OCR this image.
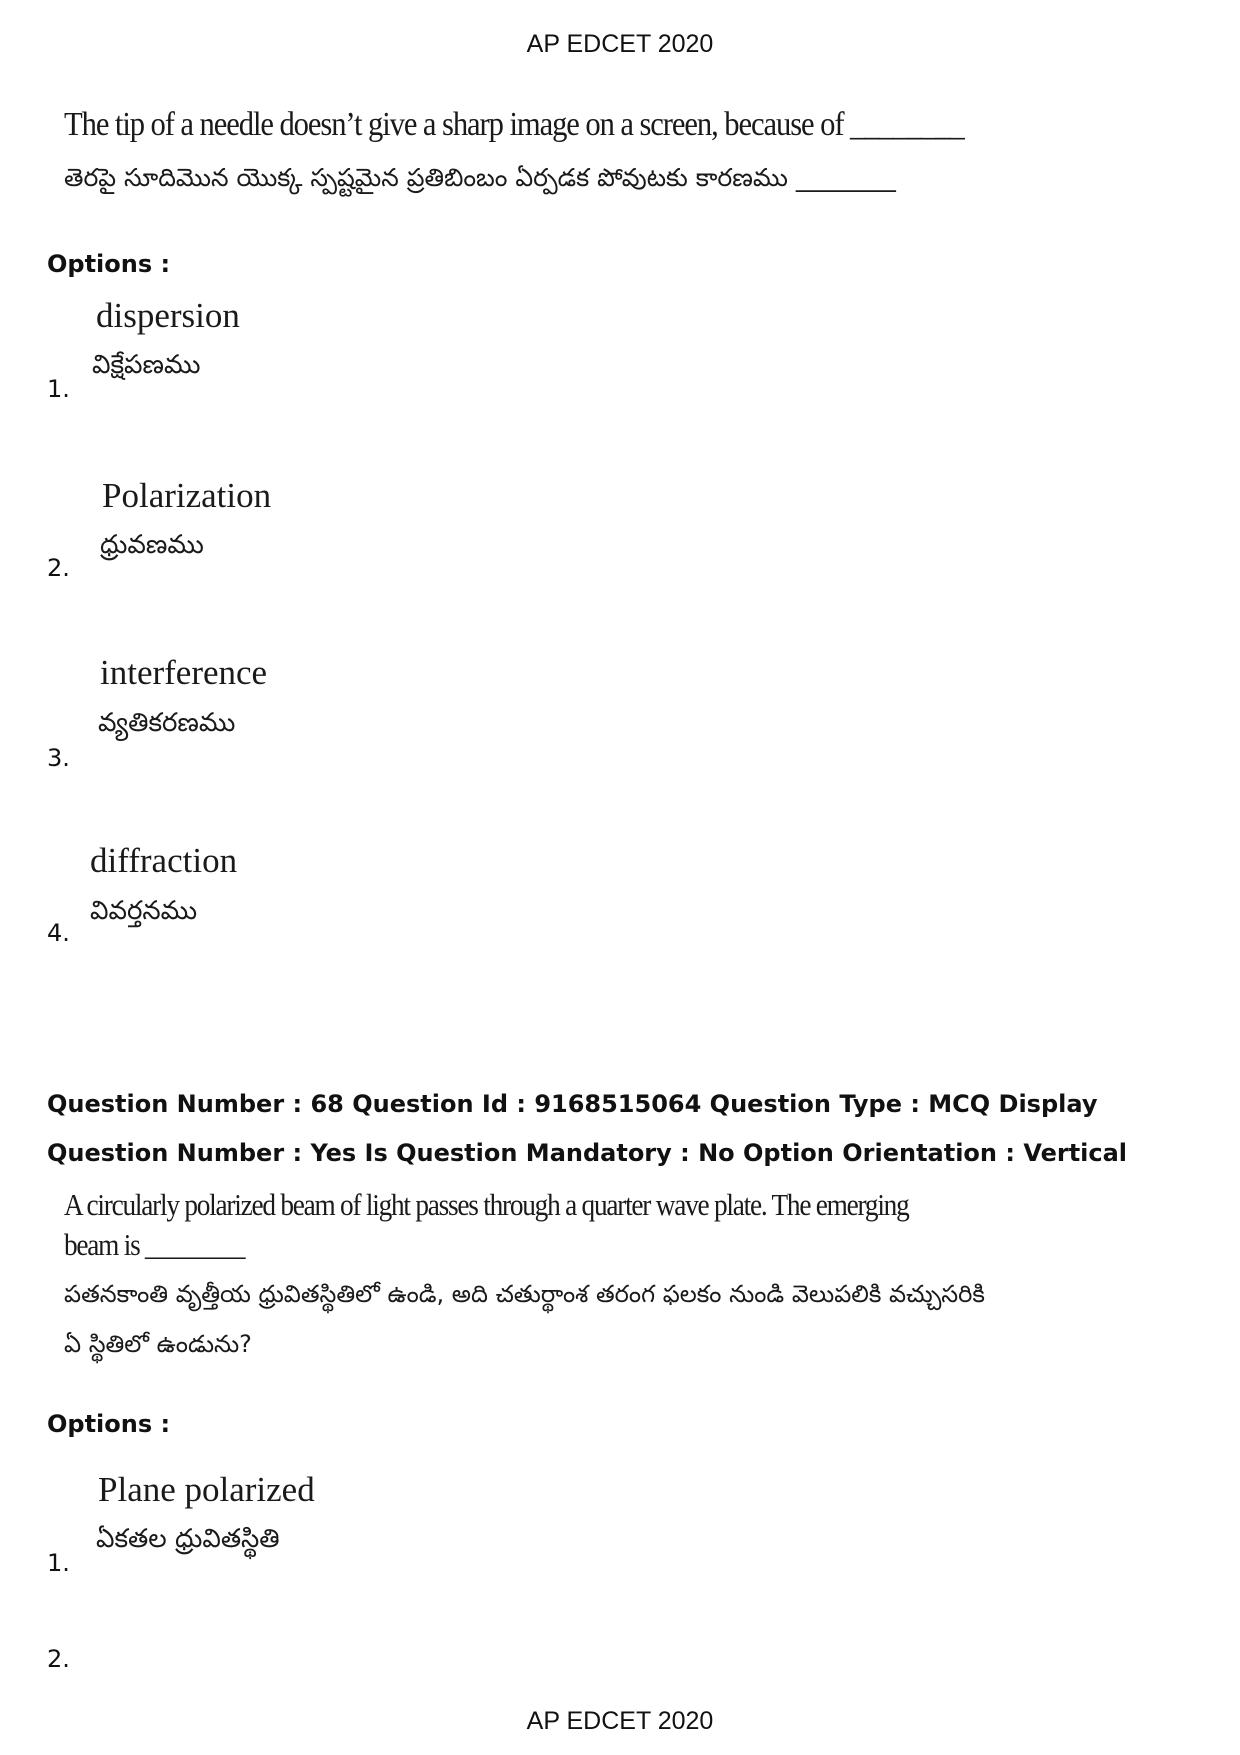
AP EDCET 2020
The tip of a needle doesn’t give a sharp image on a screen, because of ________
తెరపై సూదిమొన యొక్క స్పష్టమైన ప్రతిబింబం ఏర్పడక పోవుటకు కారణము ________
Options :
dispersion
విక్షేపణము
1.
Polarization
ధ్రువణము
2.
interference
వ్యతికరణము
3.
diffraction
వివర్తనము
4.
Question Number : 68 Question Id : 9168515064 Question Type : MCQ Display Question Number : Yes Is Question Mandatory : No Option Orientation : Vertical
A circularly polarized beam of light passes through a quarter wave plate. The emerging
beam is ________
పతనకాంతి వృత్తీయ ధ్రువితస్థితిలో ఉండి, అది చతుర్థాంశ తరంగ ఫలకం నుండి వెలుపలికి వచ్చుసరికి
ఏ స్థితిలో ఉండును?
Options :
Plane polarized
ఏకతల ధ్రువితస్థితి
1.
2.
AP EDCET 2020
